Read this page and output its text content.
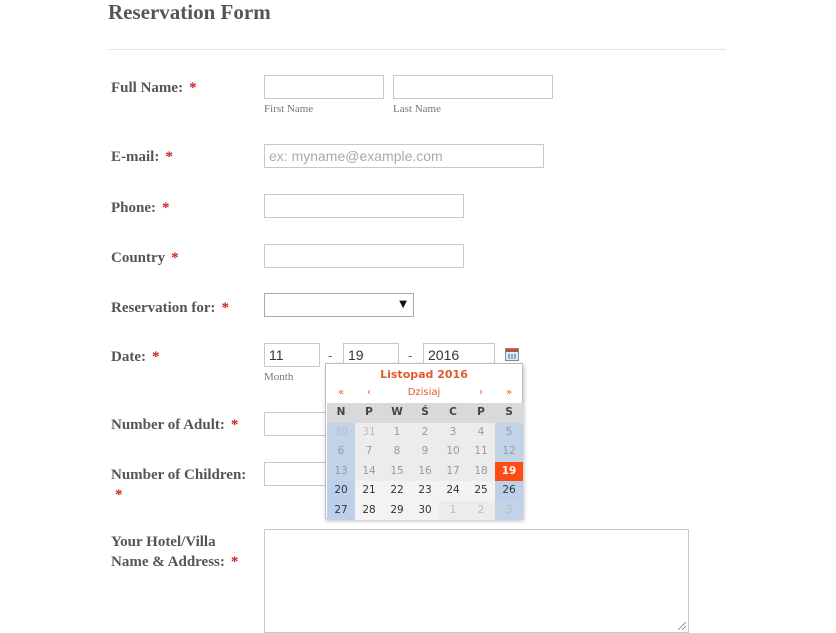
Reservation Form
Full Name: *
First Name	Last Name
E-mail: *
ex: myname@example.com
Phone: *
Country *
Reservation for: *	▼
Date: *
11	-
19	-
2016
Month
Number of Adult: *
Number of Children:
*
Your Hotel/Villa
Name & Address: *
Listopad 2016
« ‹	Dzisiaj	› »
N	P	W	Ś	C	P	S
30	31	1	2	3	4	5
6	7	8	9	10	11	12
13	14	15	16	17	18	19
20	21	22	23	24	25	26
27	28	29	30	1	2	3
